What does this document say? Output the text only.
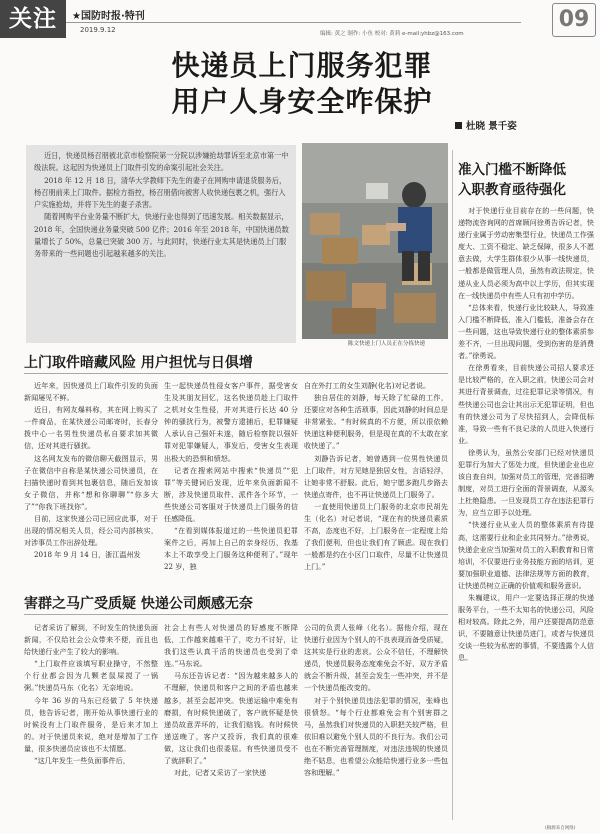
关注	★国防时报·特刊
2019.9.12	编辑: 黄之 制作: 小鱼 校对: 黄莉 e-mail:yhbz@163.com
09
快递员上门服务犯罪
用户人身安全咋保护
杜晓 景千姿

近日，快递员杨召朋被北京市检察院第一分院以涉嫌抢劫罪诉至北京市第一中级法院。这起因为快递员上门取件引发的命案引起社会关注。

2018 年 12 月 18 日，清华大学教师下先生的妻子在网购申请退货服务后，杨召朋前来上门取件。据检方指控，杨召朋借向被害人收快递包裹之机，强行入户实施抢劫，并将下先生的妻子杀害。

随着网购平台业务量不断扩大，快递行业也得到了迅速发展。相关数据显示，2018 年，全国快递业务量突破 500 亿件；2016 年至 2018 年，中国快递员数量增长了 50%，总量已突破 300 万。与此同时，快递行业太其是快递员上门服务带来的一些问题也引起越来越多的关注。

陈文快递上门人员正在分拣快递
准入门槛不断降低
入职教育亟待强化

对于快递行业目前存在的一些问题，快递物流咨询网的首席顾问徐勇告诉记者，快递行业属于劳动密集型行业，快递员工作强度大、工资不稳定、缺乏保障，很多人不愿意去做，大学生群体很少从事一线快递员，一般都是做管理人员，虽然有政法规定，快递从业人员必须为高中以上学历，但其实现在一线快递员中有些人只有初中学历。

“总体来看，快递行业比较缺人，导致准入门槛不断降低，准入门槛低，准备会存在一些问题，这也导致快递行业的整体素质参差不齐，一旦出现问题，受到伤害的是消费者。”徐勇说。

在徐勇看来，目前快递公司招人要求还是比较严格的，在入职之前，快递公司会对其进行背景调查，过往犯罪记录等情况，有些快递公司也会让其出示无犯罪证明，但也有的快递公司为了尽快招到人，会降低标准，导致一些有不良记录的人员进入快递行业。

徐勇认为，虽然公安部门已经对快递员犯罪行为加大了惩处力度，但快递企业也应该自查自纠，加强对员工的管理，完善招聘制度，对员工进行全面的背景调查，从源头上杜绝隐患。一旦发现员工存在违法犯罪行为，应当立即予以处理。

“快递行业从业人员的整体素质有待提高，这需要行业和企业共同努力。”徐勇说，快递企业应当加强对员工的入职教育和日常培训，不仅要进行业务技能方面的培训，更要加强职业道德、法律法规等方面的教育，让快递员树立正确的价值观和服务意识。

朱巍建议，用户一定要选择正规的快递服务平台，一些不太知名的快递公司，风险相对较高。除此之外，用户还要提高防范意识，不要随意让快递员进门，或者与快递员交谈一些较为私密的事情，不要透露个人信息。

上门取件暗藏风险 用户担忧与日俱增

近年来，因快递员上门取件引发的负面新闻屡见不鲜。

近日，有网友爆料称，其在网上购买了一件商品，在某快递公司邮寄时，长春分拨中心一名男性快递员私自要求加其微信，还对其进行骚扰。

这名网友发布的微信聊天截图显示，男子在微信中自称是某快递公司快递员，在扫描快递时看到其包裹信息，随后发加该女子微信，并称“想和你聊聊”“你多大了”“你我下班找你”。

目前，这家快递公司已回应此事，对于出现的情况相关人员，经公司内部核实，对涉事员工作出辞处理。

2018 年 9 月 14 日，浙江温州发

生一起快递员性侵女客户事件，据受害女生及其朋友回忆，这名快递员趁上门取件之机对女生性侵，并对其进行长达 40 分钟的骚扰行为，被警方逮捕后，犯罪嫌疑人承认自己强奸未遂，随后检察院以强奸罪对犯罪嫌疑人，事发后，受害女生表现出极大的恐惧和愤怒。

记者在搜索网站中搜索“快递员”“犯罪”等关键词后发现，近年来负面新闻不断，涉及快递员取件、派件各个环节，一些快递公司客服对于快递员上门服务的信任感降低。

“在看到媒体报道过的一些快递员犯罪案件之后，再加上自己的亲身经历，我基本上不敢享受上门服务这种便利了。”现年 22 岁，独

自在外打工的女生刘静(化名)对记者说。

独自居住的刘静，每天除了忙碌的工作，还要应对各种生活琐事，因此刘静的时间总是非常紧张。“有时候真的不方便，所以很依赖快递这种便利服务，但是现在真的不太敢在家收快递了。”

刘静告诉记者，她曾遇到一位男性快递员上门取件，对方见她是独居女性，言语轻浮，让她非常不舒服。此后，她宁愿多跑几步路去快递点寄件，也不再让快递员上门服务了。

一直使用快递员上门服务的北京市民胡先生（化名）对记者说，“现在有的快递员素质不高，态度也不好，上门服务在一定程度上给了我们便利，但也让我们有了顾虑。现在我们一般都是约在小区门口取件，尽量不让快递员上门。”

害群之马广受质疑 快递公司颇感无奈

记者采访了解到，不时发生的快递负面新闻，不仅给社会公众带来不便，而且也给快递行业产生了较大的影响。

“上门取件应该填写职业操守，不然整个行业都会因为几颗老鼠屎搅了一锅粥。”快递员马东（化名）无奈地说。

今年 36 岁的马东已经做了 5 年快递员，他告诉记者，刚开始从事快递行业的时候没有上门取件服务，是后来才加上的。对于快递员来说，绝对是增加了工作量，很多快递员应该也不太情愿。

“这几年发生一些负面事件后，

社会上有些人对快递员的好感度不断降低，工作越来越难干了，吃力不讨好，让我们这些认真干活的快递员也受到了牵连。”马东说。

马东还告诉记者：“因为越来越多人的不理解，快递员和客户之间的矛盾也越来越多，甚至会起冲突。快递运输中难免有磨损，有时候快递破了，客户就怀疑是快递员故意弄坏的，让我们赔钱。有时候快递送晚了，客户又投诉，我们真的很难做，这让我们也很委屈。有些快递员受不了就辞职了。”

对此，记者又采访了一家快递

公司的负责人张峰（化名）。据他介绍，现在快递行业因为个别人的不良表现而备受质疑，这其实是行业的悲哀。公众不信任，不理解快递员，快递员服务态度难免会不好，双方矛盾就会不断升级，甚至会发生一些冲突，并不是一个快递员能改变的。

对于个别快递员违法犯罪的情况，张峰也很愤怒。“每个行业都难免会有个别害群之马，虽然我们对快递员的入职把关较严格，但依旧难以避免个别人员的不良行为。我们公司也在不断完善管理制度，对违法违规的快递员绝不姑息，也希望公众能给快递行业多一些包容和理解。”

(稿源来自网络)
